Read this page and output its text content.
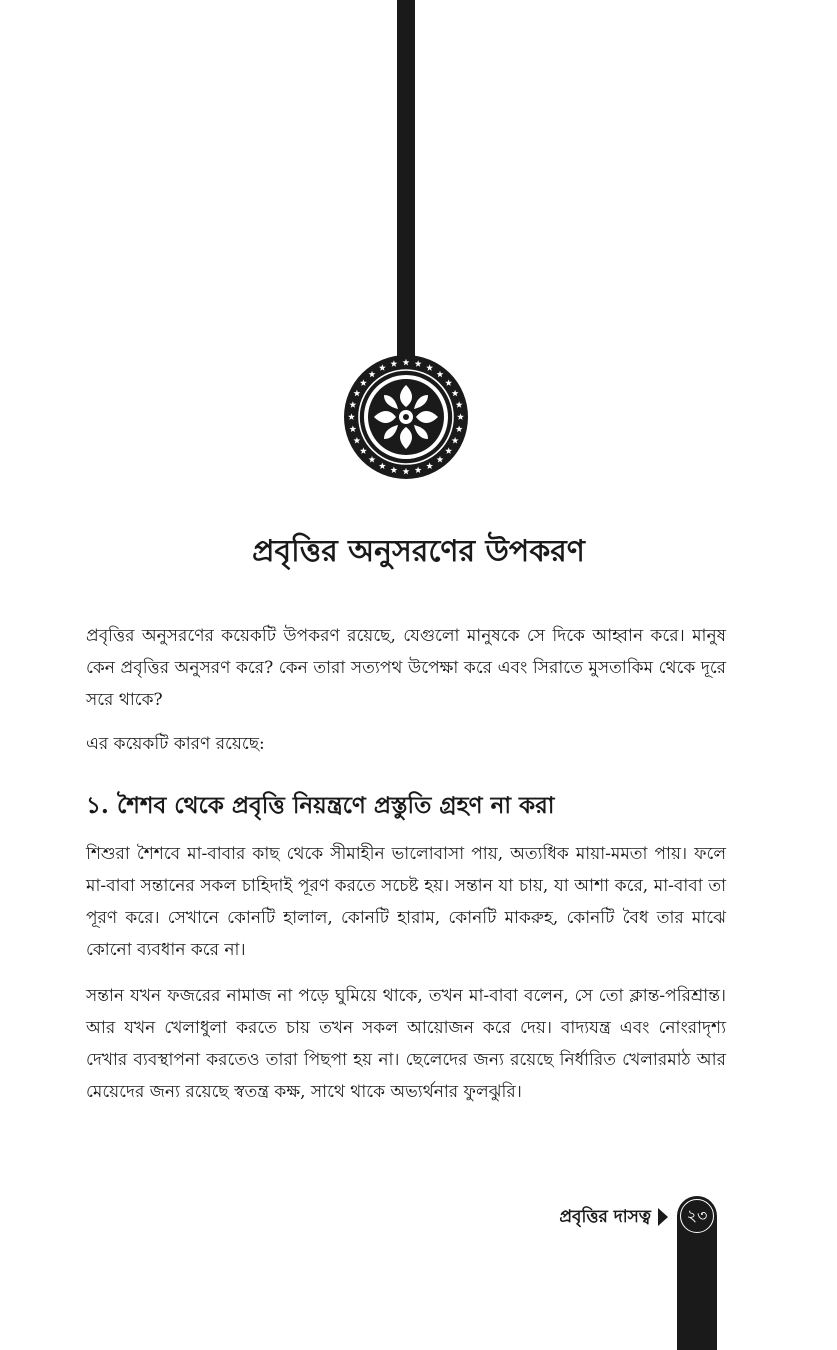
প্রবৃত্তির অনুসরণের উপকরণ

প্রবৃত্তির অনুসরণের কয়েকটি উপকরণ রয়েছে, যেগুলো মানুষকে সে দিকে আহ্বান করে। মানুষ কেন প্রবৃত্তির অনুসরণ করে? কেন তারা সত্যপথ উপেক্ষা করে এবং সিরাতে মুসতাকিম থেকে দূরে সরে থাকে?

এর কয়েকটি কারণ রয়েছে:

১. শৈশব থেকে প্রবৃত্তি নিয়ন্ত্রণে প্রস্তুতি গ্রহণ না করা

শিশুরা শৈশবে মা-বাবার কাছ থেকে সীমাহীন ভালোবাসা পায়, অত্যধিক মায়া-মমতা পায়। ফলে মা-বাবা সন্তানের সকল চাহিদাই পূরণ করতে সচেষ্ট হয়। সন্তান যা চায়, যা আশা করে, মা-বাবা তা পূরণ করে। সেখানে কোনটি হালাল, কোনটি হারাম, কোনটি মাকরুহ, কোনটি বৈধ তার মাঝে কোনো ব্যবধান করে না।

সন্তান যখন ফজরের নামাজ না পড়ে ঘুমিয়ে থাকে, তখন মা-বাবা বলেন, সে তো ক্লান্ত-পরিশ্রান্ত। আর যখন খেলাধুলা করতে চায় তখন সকল আয়োজন করে দেয়। বাদ্যযন্ত্র এবং নোংরাদৃশ্য দেখার ব্যবস্থাপনা করতেও তারা পিছপা হয় না। ছেলেদের জন্য রয়েছে নির্ধারিত খেলারমাঠ আর মেয়েদের জন্য রয়েছে স্বতন্ত্র কক্ষ, সাথে থাকে অভ্যর্থনার ফুলঝুরি।

প্রবৃত্তির দাসত্ব	২৩
